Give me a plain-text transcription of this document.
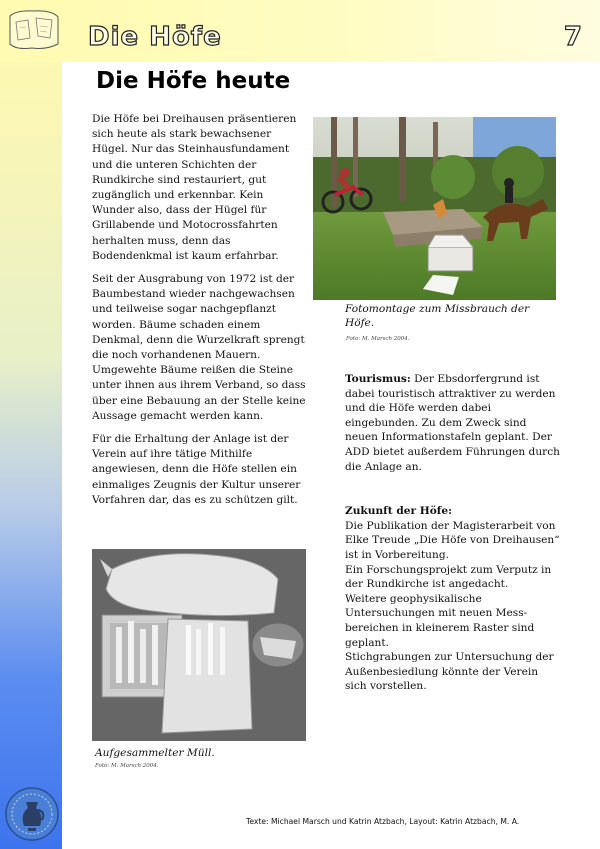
Die Höfe	7
Die Höfe heute

Die Höfe bei Dreihausen präsentieren sich heute als stark bewachsener Hügel. Nur das Steinhausfundament und die unteren Schichten der Rundkirche sind restauriert, gut zugänglich und erkennbar. Kein Wunder also, dass der Hügel für Grillabende und Motocrossfahrten herhalten muss, denn das Bodendenkmal ist kaum erfahrbar.

Seit der Ausgrabung von 1972 ist der Baumbestand wieder nachgewachsen und teilweise sogar nachgepflanzt worden. Bäume schaden einem Denkmal, denn die Wurzelkraft sprengt die noch vorhandenen Mauern. Umgewehte Bäume reißen die Steine unter ihnen aus ihrem Verband, so dass über eine Bebauung an der Stelle keine Aussage gemacht werden kann.

Für die Erhaltung der Anlage ist der Verein auf ihre tätige Mithilfe angewiesen, denn die Höfe stellen ein einmaliges Zeugnis der Kultur unserer Vorfahren dar, das es zu schützen gilt.

Fotomontage zum Missbrauch der Höfe.
Foto: M. Marsch 2004.

Tourismus: Der Ebsdorfergrund ist dabei touristisch attraktiver zu werden und die Höfe werden dabei eingebunden. Zu dem Zweck sind neuen Informationstafeln geplant. Der ADD bietet außerdem Führungen durch die Anlage an.

Zukunft der Höfe:

Die Publikation der Magisterarbeit von Elke Treude „Die Höfe von Dreihausen“ ist in Vorbereitung.

Ein Forschungsprojekt zum Verputz in der Rundkirche ist angedacht.

Weitere geophysikalische Untersuchungen mit neuen Mess- bereichen in kleinerem Raster sind geplant.

Stichgrabungen zur Untersuchung der Außenbesiedlung könnte der Verein sich vorstellen.

Aufgesammelter Müll.
Foto: M. Marsch 2004.
Texte: Michael Marsch und Katrin Atzbach, Layout: Katrin Atzbach, M. A.
